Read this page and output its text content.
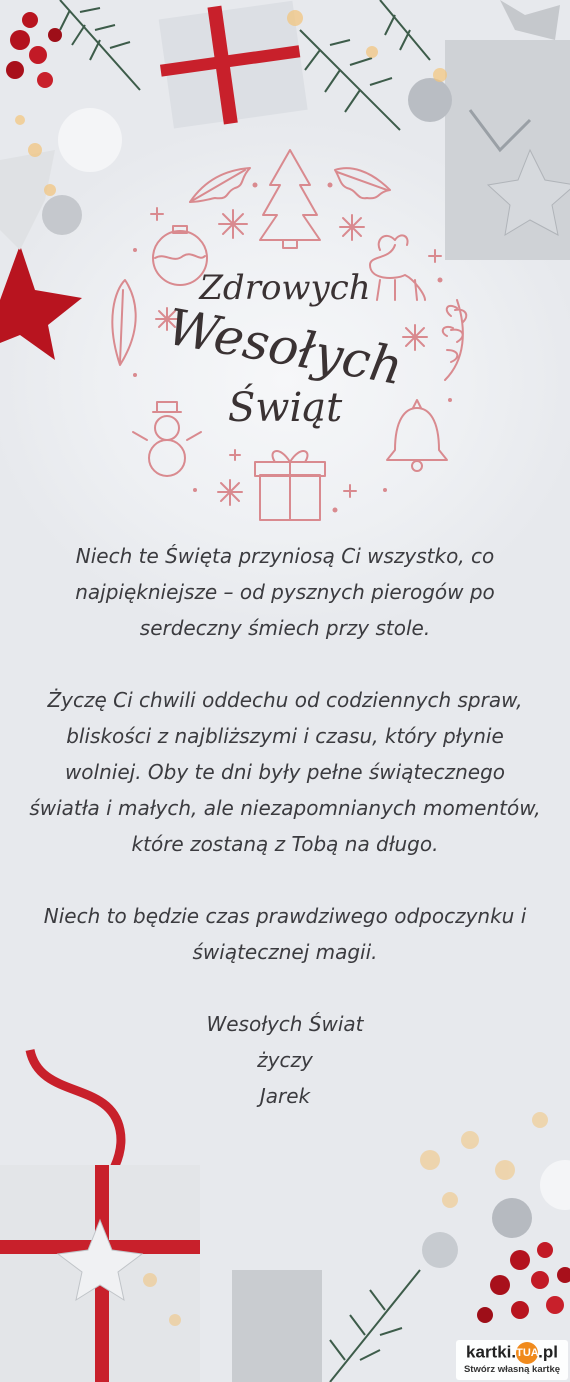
Zdrowych
Wesołych
Świąt

Niech te Święta przyniosą Ci wszystko, co najpiękniejsze – od pysznych pierogów po serdeczny śmiech przy stole.

Życzę Ci chwili oddechu od codziennych spraw, bliskości z najbliższymi i czasu, który płynie wolniej. Oby te dni były pełne świątecznego światła i małych, ale niezapomnianych momentów, które zostaną z Tobą na długo.

Niech to będzie czas prawdziwego odpoczynku i świątecznej magii.

Wesołych Świat

życzy

Jarek

kartki.TUA.pl
Stwórz własną kartkę
